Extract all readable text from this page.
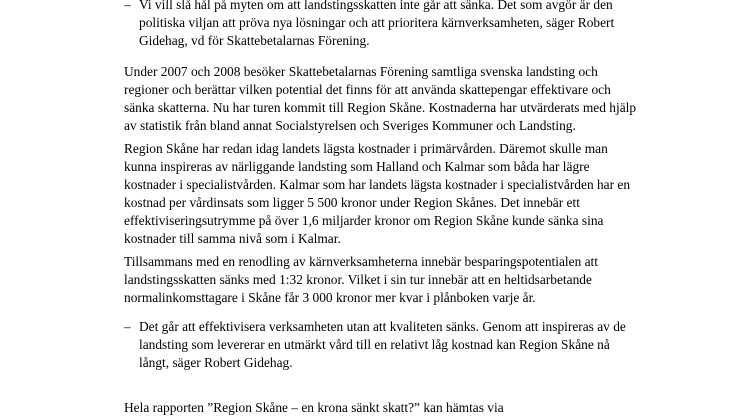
– Vi vill slå hål på myten om att landstingsskatten inte går att sänka. Det som avgör är den
politiska viljan att pröva nya lösningar och att prioritera kärnverksamheten, säger Robert
Gidehag, vd för Skattebetalarnas Förening.

Under 2007 och 2008 besöker Skattebetalarnas Förening samtliga svenska landsting och
regioner och berättar vilken potential det finns för att använda skattepengar effektivare och
sänka skatterna. Nu har turen kommit till Region Skåne. Kostnaderna har utvärderats med hjälp
av statistik från bland annat Socialstyrelsen och Sveriges Kommuner och Landsting.

Region Skåne har redan idag landets lägsta kostnader i primärvården. Däremot skulle man
kunna inspireras av närliggande landsting som Halland och Kalmar som båda har lägre
kostnader i specialistvården. Kalmar som har landets lägsta kostnader i specialistvården har en
kostnad per vårdinsats som ligger 5 500 kronor under Region Skånes. Det innebär ett
effektiviseringsutrymme på över 1,6 miljarder kronor om Region Skåne kunde sänka sina
kostnader till samma nivå som i Kalmar.

Tillsammans med en renodling av kärnverksamheterna innebär besparingspotentialen att
landstingsskatten sänks med 1:32 kronor. Vilket i sin tur innebär att en heltidsarbetande
normalinkomsttagare i Skåne får 3 000 kronor mer kvar i plånboken varje år.

– Det går att effektivisera verksamheten utan att kvaliteten sänks. Genom att inspireras av de
landsting som levererar en utmärkt vård till en relativt låg kostnad kan Region Skåne nå
långt, säger Robert Gidehag.

Hela rapporten ”Region Skåne – en krona sänkt skatt?” kan hämtas via
